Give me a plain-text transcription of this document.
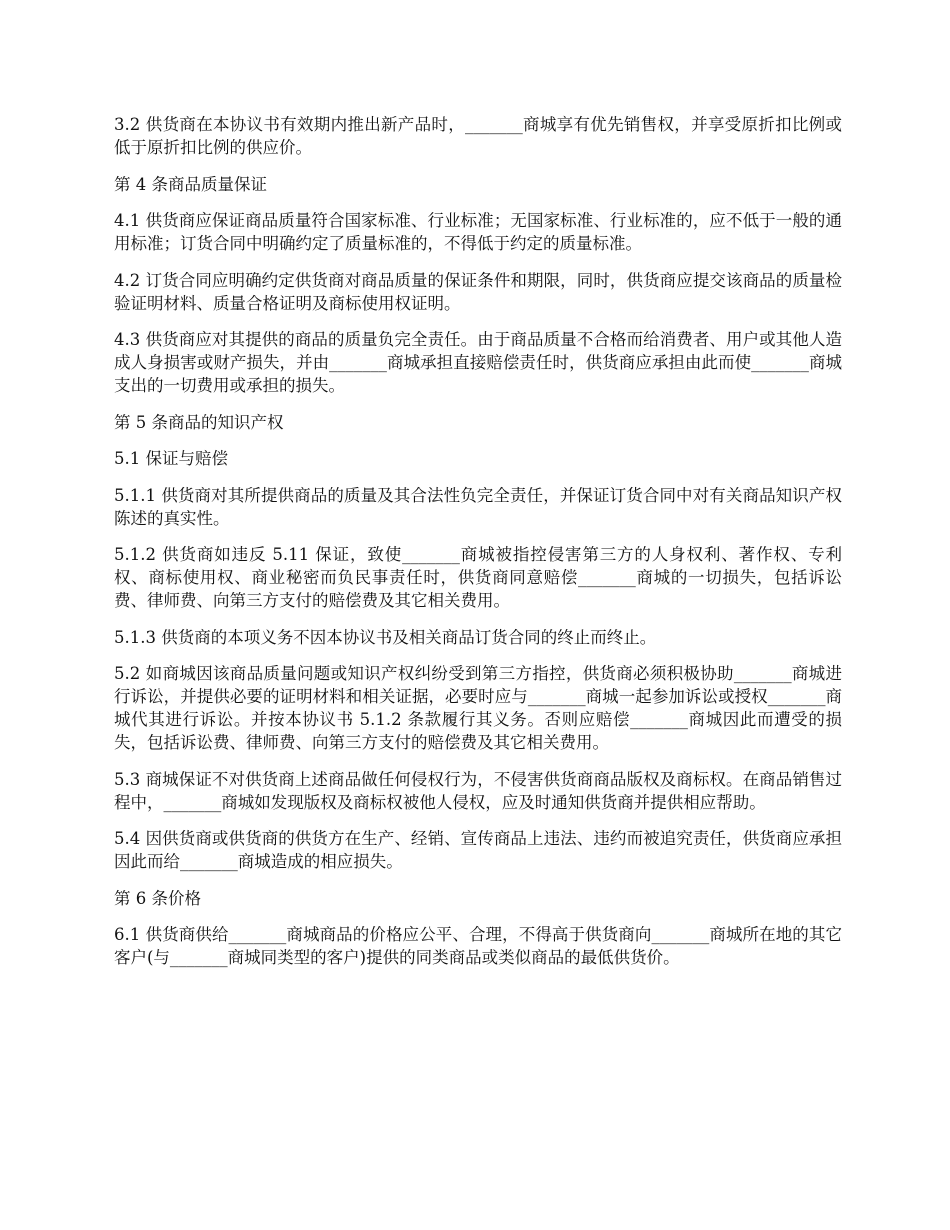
3.2 供货商在本协议书有效期内推出新产品时，_______商城享有优先销售权，并享受原折扣比例或低于原折扣比例的供应价。

第 4 条商品质量保证

4.1 供货商应保证商品质量符合国家标准、行业标准；无国家标准、行业标准的，应不低于一般的通用标准；订货合同中明确约定了质量标准的，不得低于约定的质量标准。

4.2 订货合同应明确约定供货商对商品质量的保证条件和期限，同时，供货商应提交该商品的质量检验证明材料、质量合格证明及商标使用权证明。

4.3 供货商应对其提供的商品的质量负完全责任。由于商品质量不合格而给消费者、用户或其他人造成人身损害或财产损失，并由_______商城承担直接赔偿责任时，供货商应承担由此而使_______商城支出的一切费用或承担的损失。

第 5 条商品的知识产权

5.1 保证与赔偿

5.1.1 供货商对其所提供商品的质量及其合法性负完全责任，并保证订货合同中对有关商品知识产权陈述的真实性。

5.1.2 供货商如违反 5.11 保证，致使_______商城被指控侵害第三方的人身权利、著作权、专利权、商标使用权、商业秘密而负民事责任时，供货商同意赔偿_______商城的一切损失，包括诉讼费、律师费、向第三方支付的赔偿费及其它相关费用。

5.1.3 供货商的本项义务不因本协议书及相关商品订货合同的终止而终止。

5.2 如商城因该商品质量问题或知识产权纠纷受到第三方指控，供货商必须积极协助_______商城进行诉讼，并提供必要的证明材料和相关证据，必要时应与_______商城一起参加诉讼或授权_______商城代其进行诉讼。并按本协议书 5.1.2 条款履行其义务。否则应赔偿_______商城因此而遭受的损失，包括诉讼费、律师费、向第三方支付的赔偿费及其它相关费用。

5.3 商城保证不对供货商上述商品做任何侵权行为，不侵害供货商商品版权及商标权。在商品销售过程中，_______商城如发现版权及商标权被他人侵权，应及时通知供货商并提供相应帮助。

5.4 因供货商或供货商的供货方在生产、经销、宣传商品上违法、违约而被追究责任，供货商应承担因此而给_______商城造成的相应损失。

第 6 条价格

6.1 供货商供给_______商城商品的价格应公平、合理，不得高于供货商向_______商城所在地的其它客户(与_______商城同类型的客户)提供的同类商品或类似商品的最低供货价。
